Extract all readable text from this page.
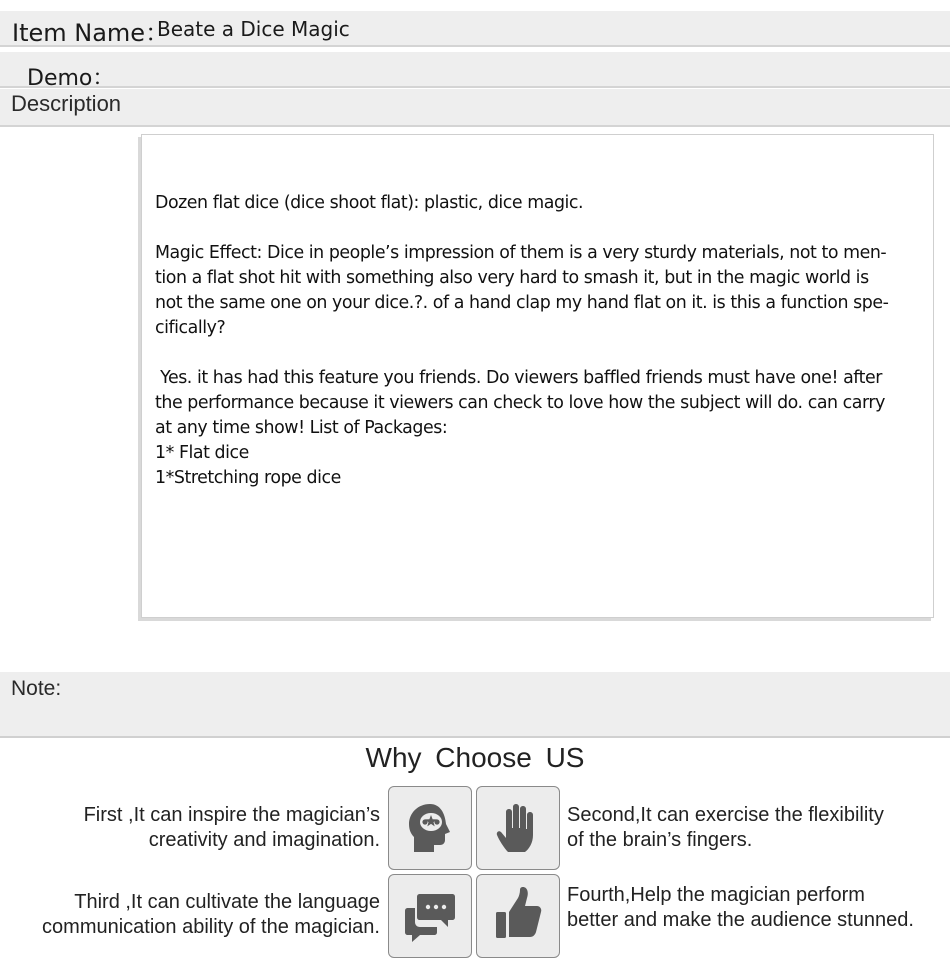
Item Name：
Beate a Dice Magic
Demo：
Description

Dozen flat dice (dice shoot flat): plastic, dice magic.

Magic Effect: Dice in people’s impression of them is a very sturdy materials, not to men-

tion a flat shot hit with something also very hard to smash it, but in the magic world is

not the same one on your dice.?. of a hand clap my hand flat on it. is this a function spe-

cifically?

Yes. it has had this feature you friends. Do viewers baffled friends must have one! after

the performance because it viewers can check to love how the subject will do. can carry

at any time show! List of Packages:

1* Flat dice

1*Stretching rope dice

Note:
Why Choose US
First ,It can inspire the magician’s
creativity and imagination.
Second,It can exercise the flexibility
of the brain’s fingers.
Third ,It can cultivate the language
communication ability of the magician.
Fourth,Help the magician perform
better and make the audience stunned.
